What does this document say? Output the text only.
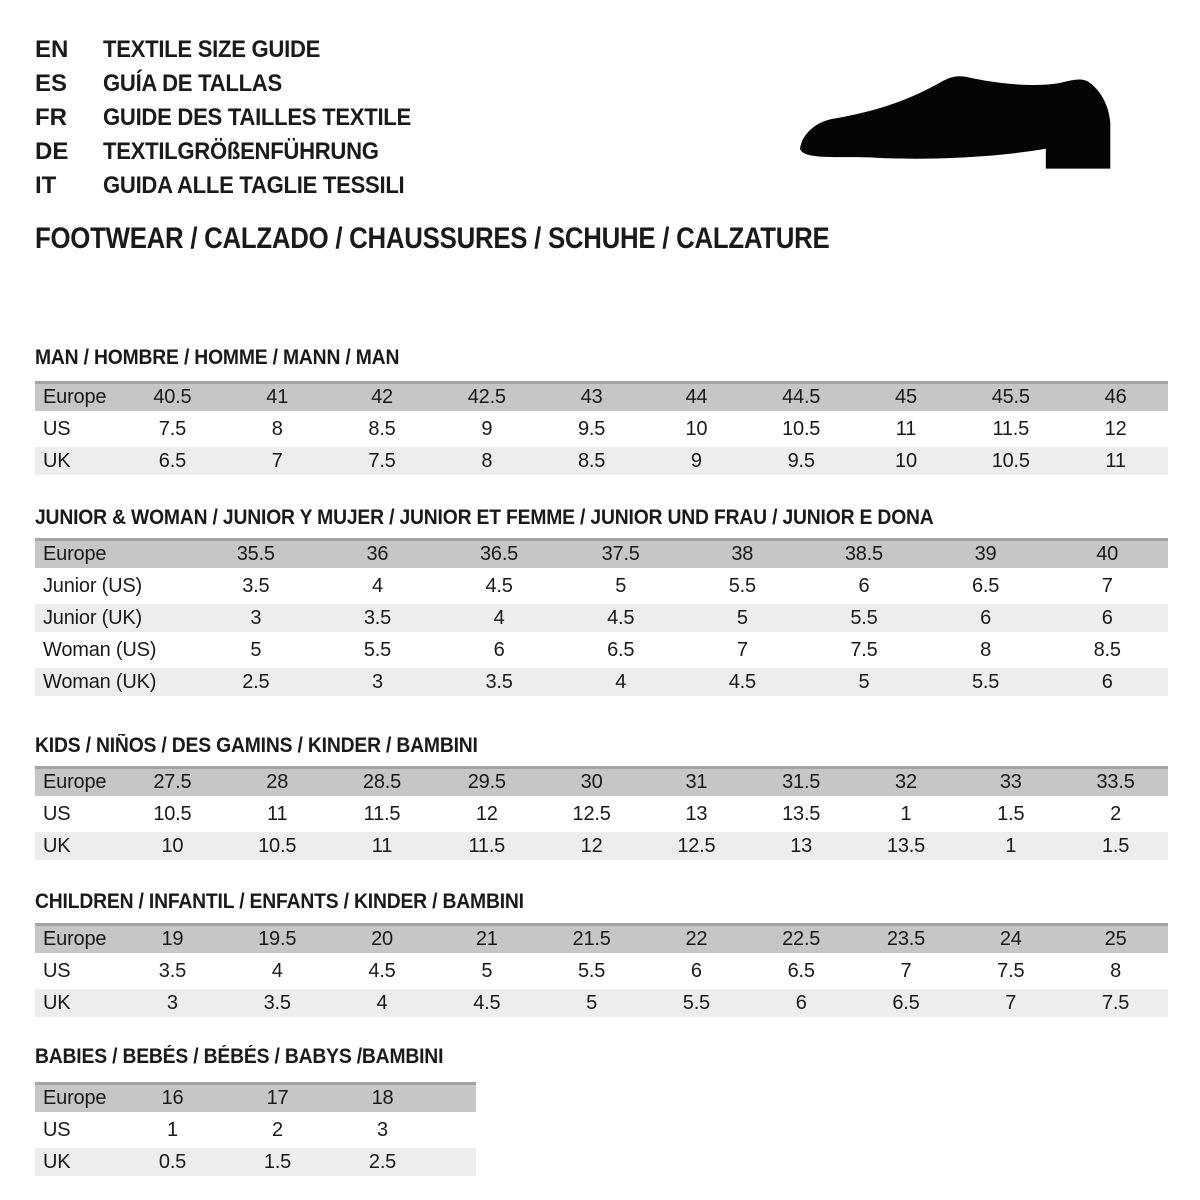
EN	TEXTILE SIZE GUIDE
ES	GUÍA DE TALLAS
FR	GUIDE DES TAILLES TEXTILE
DE	TEXTILGRÖßENFÜHRUNG
IT	GUIDA ALLE TAGLIE TESSILI
FOOTWEAR / CALZADO / CHAUSSURES / SCHUHE / CALZATURE
MAN / HOMBRE / HOMME / MANN / MAN
JUNIOR & WOMAN / JUNIOR Y MUJER / JUNIOR ET FEMME / JUNIOR UND FRAU / JUNIOR E DONA
KIDS / NIÑOS / DES GAMINS / KINDER / BAMBINI
CHILDREN / INFANTIL / ENFANTS / KINDER / BAMBINI
BABIES / BEBÉS / BÉBÉS / BABYS /BAMBINI
Europe	40.5	41	42	42.5	43	44	44.5	45	45.5	46
US	7.5	8	8.5	9	9.5	10	10.5	11	11.5	12
UK	6.5	7	7.5	8	8.5	9	9.5	10	10.5	11
Europe	35.5	36	36.5	37.5	38	38.5	39	40
Junior (US)	3.5	4	4.5	5	5.5	6	6.5	7
Junior (UK)	3	3.5	4	4.5	5	5.5	6	6
Woman (US)	5	5.5	6	6.5	7	7.5	8	8.5
Woman (UK)	2.5	3	3.5	4	4.5	5	5.5	6
Europe	27.5	28	28.5	29.5	30	31	31.5	32	33	33.5
US	10.5	11	11.5	12	12.5	13	13.5	1	1.5	2
UK	10	10.5	11	11.5	12	12.5	13	13.5	1	1.5
Europe	19	19.5	20	21	21.5	22	22.5	23.5	24	25
US	3.5	4	4.5	5	5.5	6	6.5	7	7.5	8
UK	3	3.5	4	4.5	5	5.5	6	6.5	7	7.5
Europe	16	17	18
US	1	2	3
UK	0.5	1.5	2.5
